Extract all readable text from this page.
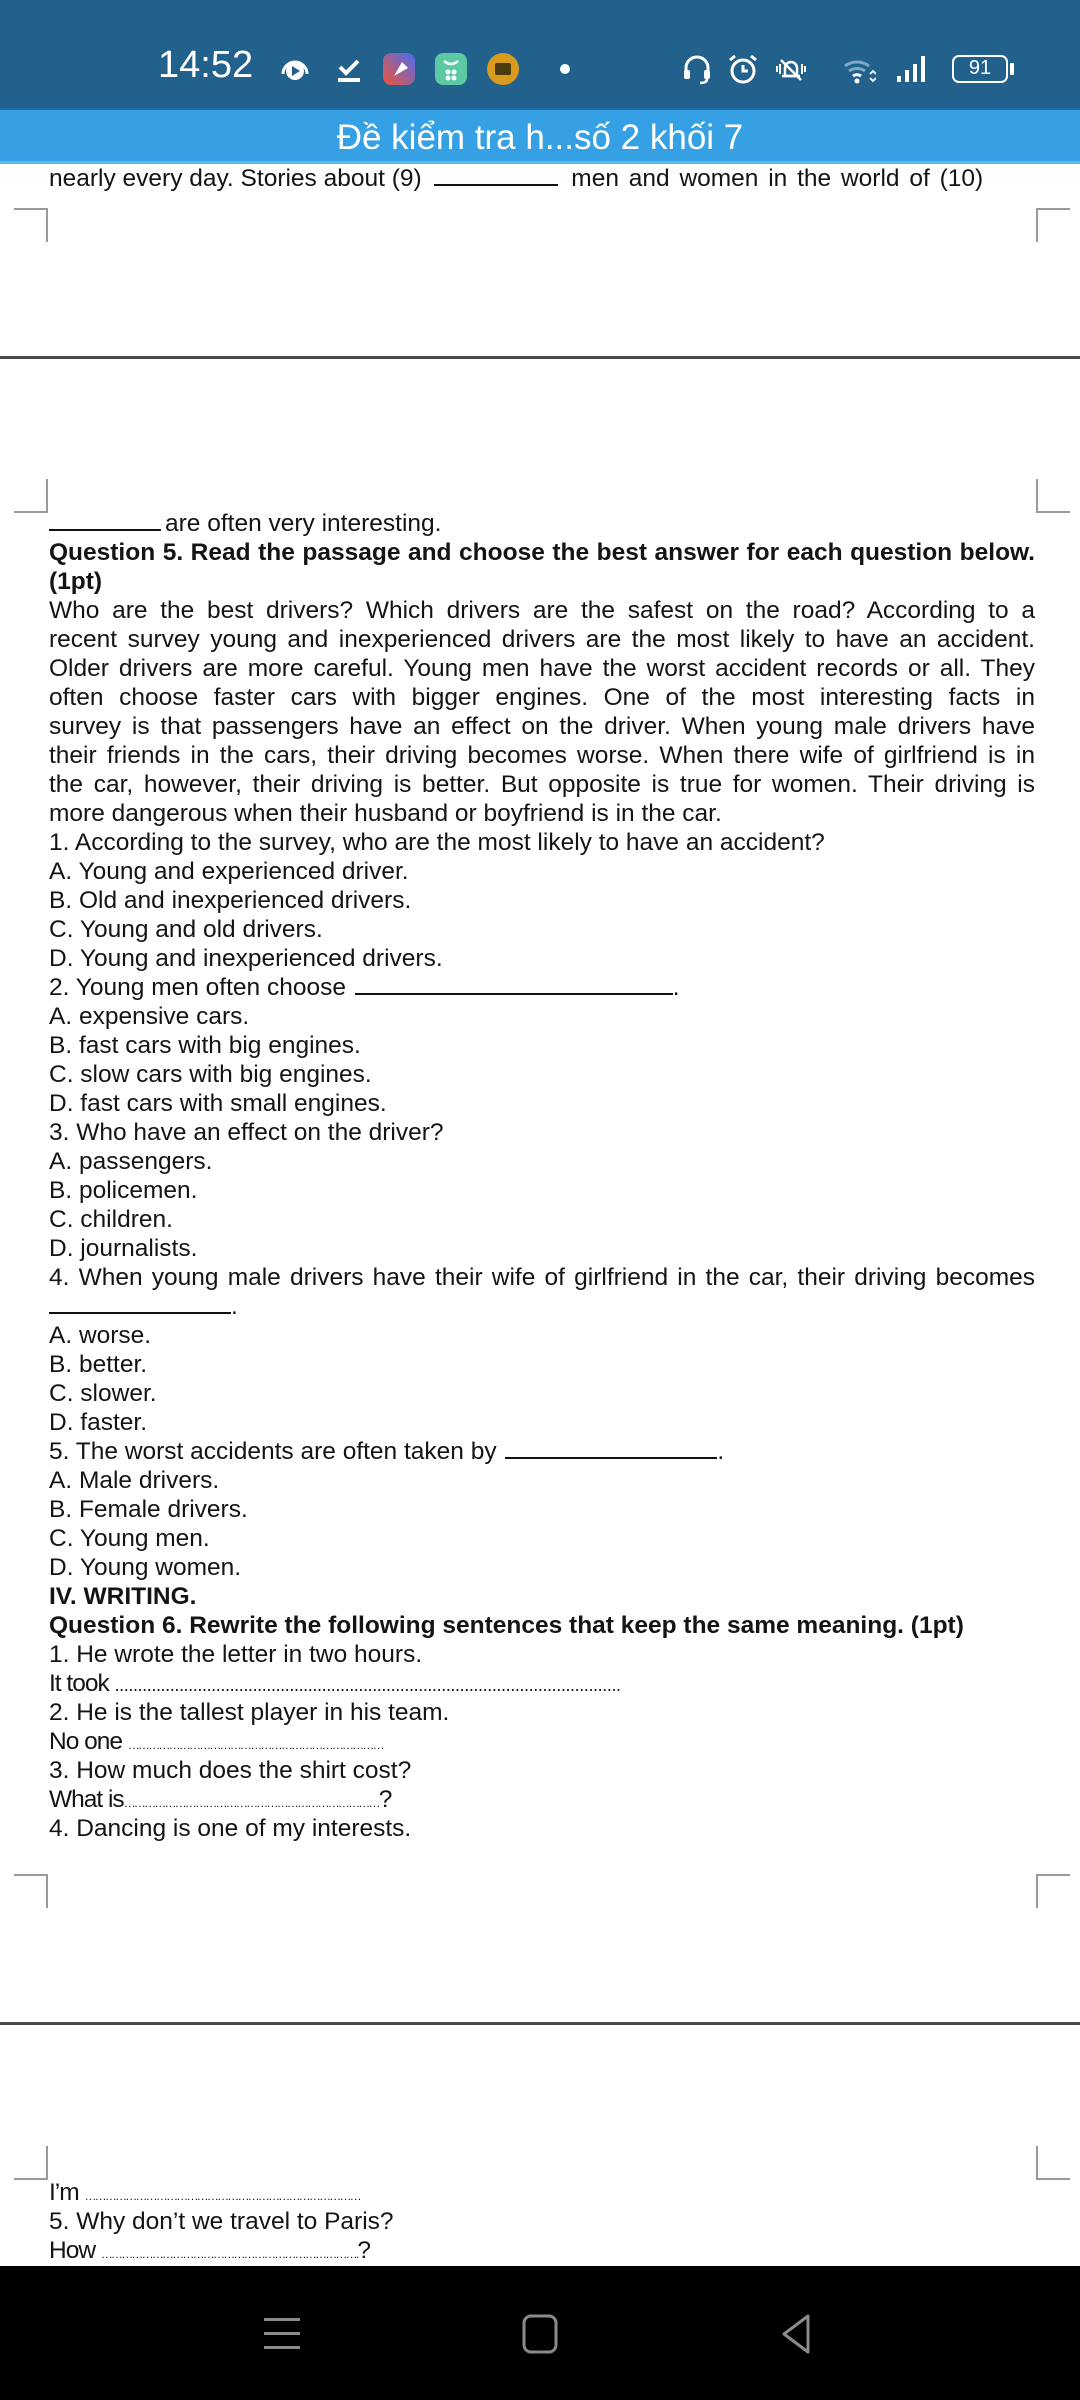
14:52	91
Đề kiểm tra h...số 2 khối 7
nearly every day. Stories about (9)	men and women in the world of (10)
are often very interesting.
Question 5. Read the passage and choose the best answer for each question below.
(1pt)
Who are the best drivers? Which drivers are the safest on the road? According to a
recent survey young and inexperienced drivers are the most likely to have an accident.
Older drivers are more careful. Young men have the worst accident records or all. They
often choose faster cars with bigger engines. One of the most interesting facts in
survey is that passengers have an effect on the driver. When young male drivers have
their friends in the cars, their driving becomes worse. When there wife of girlfriend is in
the car, however, their driving is better. But opposite is true for women. Their driving is
more dangerous when their husband or boyfriend is in the car.
1. According to the survey, who are the most likely to have an accident?
A. Young and experienced driver.
B. Old and inexperienced drivers.
C. Young and old drivers.
D. Young and inexperienced drivers.
2. Young men often choose	.
A. expensive cars.
B. fast cars with big engines.
C. slow cars with big engines.
D. fast cars with small engines.
3. Who have an effect on the driver?
A. passengers.
B. policemen.
C. children.
D. journalists.
4. When young male drivers have their wife of girlfriend in the car, their driving becomes
.
A. worse.
B. better.
C. slower.
D. faster.
5. The worst accidents are often taken by	.
A. Male drivers.
B. Female drivers.
C. Young men.
D. Young women.
IV. WRITING.
Question 6. Rewrite the following sentences that keep the same meaning. (1pt)
1. He wrote the letter in two hours.
It took ..............................................................................................................
2. He is the tallest player in his team.
No one …………………………………………………………………
3. How much does the shirt cost?
What is…………………………………………………………………?
4. Dancing is one of my interests.
I’m ………………………………………………………………………
5. Why don’t we travel to Paris?
How ………………………………………………………………….?
